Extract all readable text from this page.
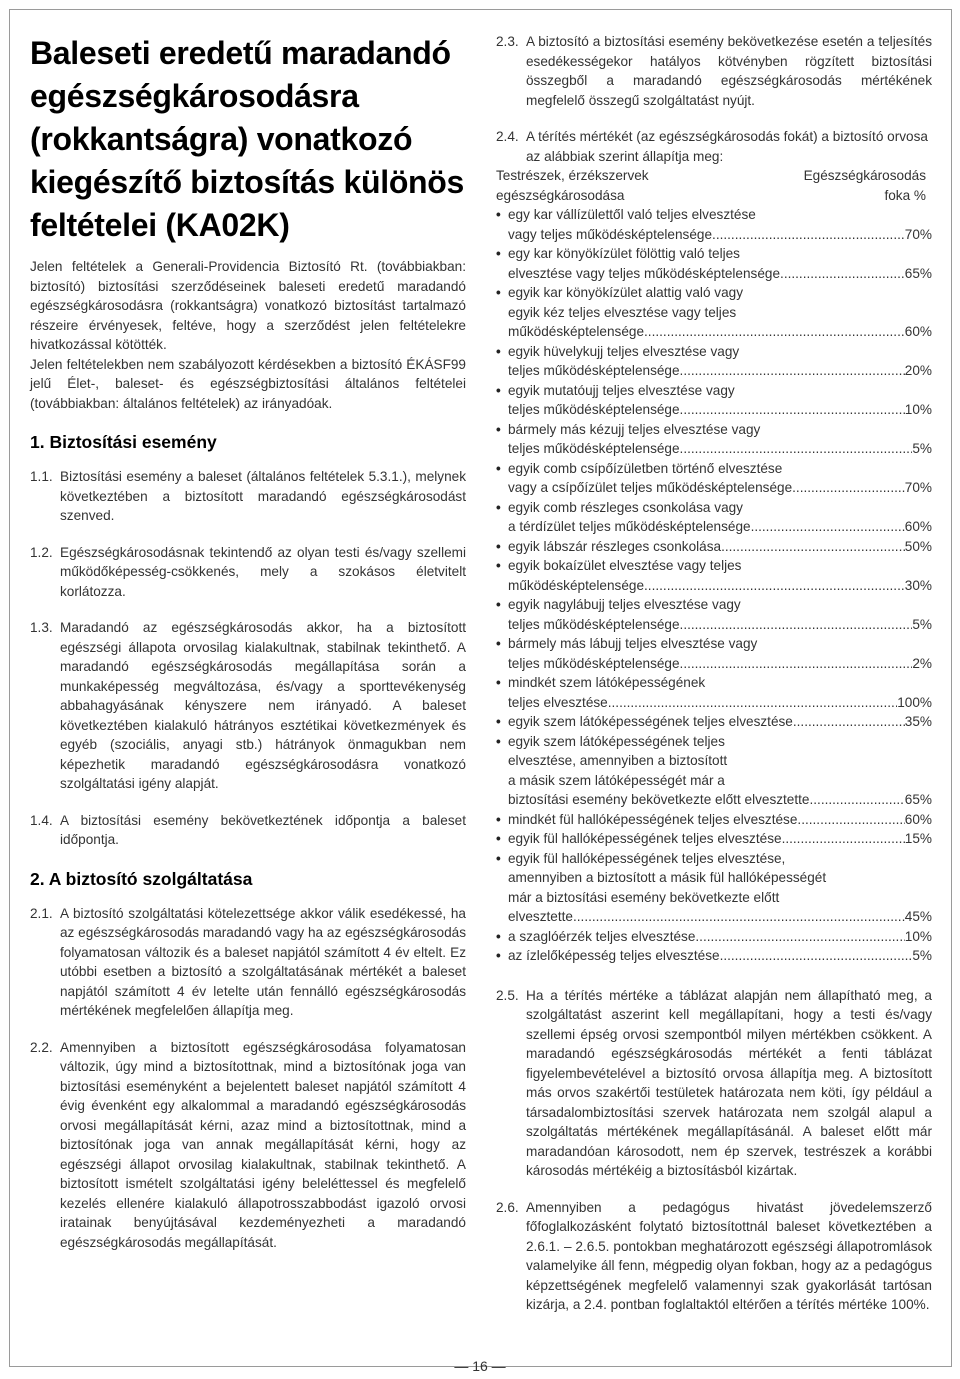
Baleseti eredetű maradandó egészségkárosodásra (rokkantságra) vonatkozó kiegészítő biztosítás különös feltételei (KA02K)

Jelen feltételek a Generali-Providencia Biztosító Rt. (továbbiakban: biztosító) biztosítási szerződéseinek baleseti eredetű maradandó egészségkárosodásra (rokkantságra) vonatkozó biztosítást tartalmazó részeire érvényesek, feltéve, hogy a szerződést jelen feltételekre hivatkozással kötötték.

Jelen feltételekben nem szabályozott kérdésekben a biztosító ÉKÁSF99 jelű Élet-, baleset- és egészségbiztosítási általános feltételei (továbbiakban: általános feltételek) az irányadóak.

1. Biztosítási esemény
1.1. Biztosítási esemény a baleset (általános feltételek 5.3.1.), melynek következtében a biztosított maradandó egészségkárosodást szenved.
1.2. Egészségkárosodásnak tekintendő az olyan testi és/vagy szellemi működőképesség-csökkenés, mely a szokásos életvitelt korlátozza.
1.3. Maradandó az egészségkárosodás akkor, ha a biztosított egészségi állapota orvosilag kialakultnak, stabilnak tekinthető. A maradandó egészségkárosodás megállapítása során a munkaképesség megváltozása, és/vagy a sporttevékenység abbahagyásának kényszere nem irányadó. A baleset következtében kialakuló hátrányos esztétikai következmények és egyéb (szociális, anyagi stb.) hátrányok önmagukban nem képezhetik maradandó egészségkárosodásra vonatkozó szolgáltatási igény alapját.
1.4. A biztosítási esemény bekövetkeztének időpontja a baleset időpontja.
2. A biztosító szolgáltatása
2.1. A biztosító szolgáltatási kötelezettsége akkor válik esedékessé, ha az egészségkárosodás maradandó vagy ha az egészségkárosodás folyamatosan változik és a baleset napjától számított 4 év eltelt. Ez utóbbi esetben a biztosító a szolgáltatásának mértékét a baleset napjától számított 4 év letelte után fennálló egészségkárosodás mértékének megfelelően állapítja meg.
2.2. Amennyiben a biztosított egészségkárosodása folyamatosan változik, úgy mind a biztosítottnak, mind a biztosítónak joga van biztosítási eseményként a bejelentett baleset napjától számított 4 évig évenként egy alkalommal a maradandó egészségkárosodás orvosi megállapítását kérni, azaz mind a biztosítottnak, mind a biztosítónak joga van annak megállapítását kérni, hogy az egészségi állapot orvosilag kialakultnak, stabilnak tekinthető. A biztosított ismételt szolgáltatási igény beleléttessel és megfelelő kezelés ellenére kialakuló állapotrosszabbodást igazoló orvosi iratainak benyújtásával kezdeményezheti a maradandó egészségkárosodás megállapítását.
2.3. A biztosító a biztosítási esemény bekövetkezése esetén a teljesítés esedékességekor hatályos kötvényben rögzített biztosítási összegből a maradandó egészségkárosodás mértékének megfelelő összegű szolgáltatást nyújt.
2.4. A térítés mértékét (az egészségkárosodás fokát) a biztosító orvosa az alábbiak szerint állapítja meg:
Testrészek, érzékszervek	Egészségkárosodás
egészségkárosodása	foka %
• egy kar vállízülettől való teljes elvesztése
vagy teljes működésképtelensége .....	70%
• egy kar könyökízület fölöttig való teljes
elvesztése vagy teljes működésképtelensége .....	65%
• egyik kar könyökízület alattig való vagy
egyik kéz teljes elvesztése vagy teljes
működésképtelensége .....	60%
• egyik hüvelykujj teljes elvesztése vagy
teljes működésképtelensége .....	20%
• egyik mutatóujj teljes elvesztése vagy
teljes működésképtelensége .....	10%
• bármely más kézujj teljes elvesztése vagy
teljes működésképtelensége .....	5%
• egyik comb csípőízületben történő elvesztése
vagy a csípőízület teljes működésképtelensége .....	70%
• egyik comb részleges csonkolása vagy
a térdízület teljes működésképtelensége .....	60%
• egyik lábszár részleges csonkolása .....	50%
• egyik bokaízület elvesztése vagy teljes
működésképtelensége .....	30%
• egyik nagylábujj teljes elvesztése vagy
teljes működésképtelensége .....	5%
• bármely más lábujj teljes elvesztése vagy
teljes működésképtelensége .....	2%
• mindkét szem látóképességének
teljes elvesztése .....	100%
• egyik szem látóképességének teljes elvesztése .....	35%
• egyik szem látóképességének teljes
elvesztése, amennyiben a biztosított
a másik szem látóképességét már a
biztosítási esemény bekövetkezte előtt elvesztette .....	65%
• mindkét fül hallóképességének teljes elvesztése .....	60%
• egyik fül hallóképességének teljes elvesztése .....	15%
• egyik fül hallóképességének teljes elvesztése,
amennyiben a biztosított a másik fül hallóképességét
már a biztosítási esemény bekövetkezte előtt
elvesztette .....	45%
• a szaglóérzék teljes elvesztése .....	10%
• az ízlelőképesség teljes elvesztése .....	5%
2.5. Ha a térítés mértéke a táblázat alapján nem állapítható meg, a szolgáltatást aszerint kell megállapítani, hogy a testi és/vagy szellemi épség orvosi szempontból milyen mértékben csökkent. A maradandó egészségkárosodás mértékét a fenti táblázat figyelembevételével a biztosító orvosa állapítja meg. A biztosított más orvos szakértői testületek határozata nem köti, így például a társadalombiztosítási szervek határozata nem szolgál alapul a szolgáltatás mértékének megállapításánál. A baleset előtt már maradandóan károsodott, nem ép szervek, testrészek a korábbi károsodás mértékéig a biztosításból kizártak.
2.6. Amennyiben a pedagógus hivatást jövedelemszerző főfoglalkozásként folytató biztosítottnál baleset következtében a 2.6.1. – 2.6.5. pontokban meghatározott egészségi állapotromlások valamelyike áll fenn, mégpedig olyan fokban, hogy az a pedagógus képzettségének megfelelő valamennyi szak gyakorlását tartósan kizárja, a 2.4. pontban foglaltaktól eltérően a térítés mértéke 100%.
— 16 —
